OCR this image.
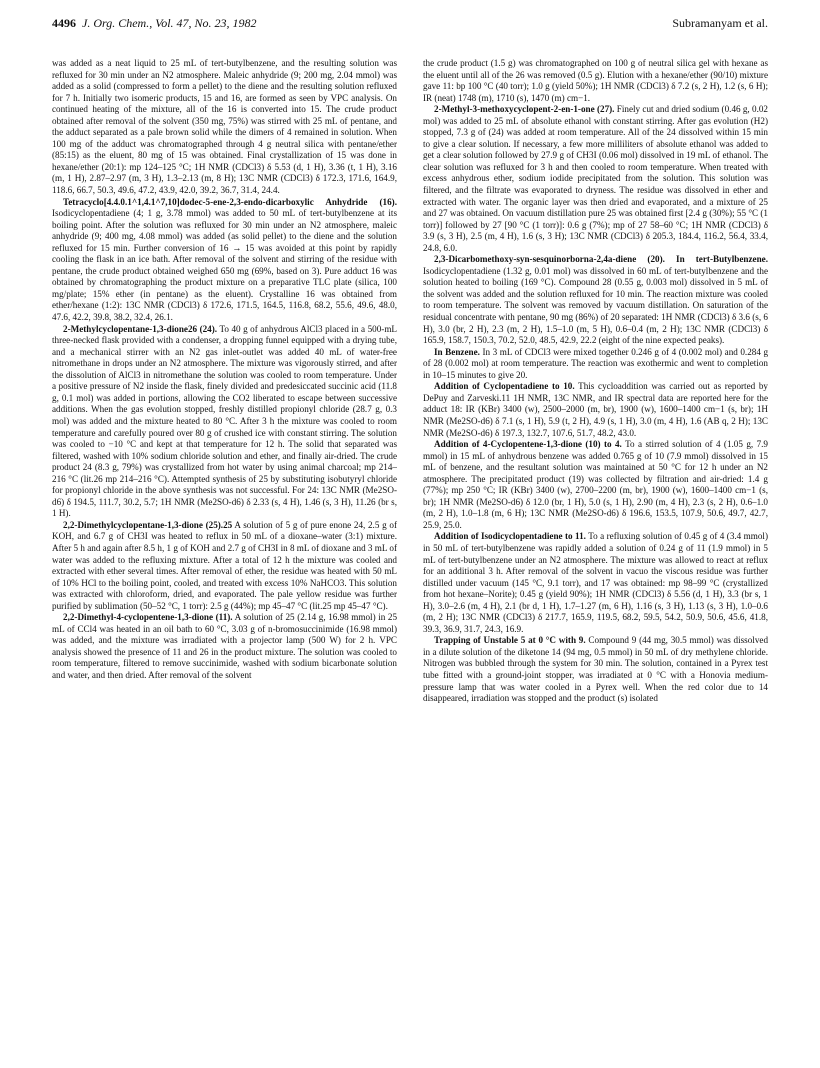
4496 J. Org. Chem., Vol. 47, No. 23, 1982	Subramanyam et al.

was added as a neat liquid to 25 mL of tert-butylbenzene, and the resulting solution was refluxed for 30 min under an N2 atmosphere. Maleic anhydride (9; 200 mg, 2.04 mmol) was added as a solid (compressed to form a pellet) to the diene and the resulting solution refluxed for 7 h. Initially two isomeric products, 15 and 16, are formed as seen by VPC analysis. On continued heating of the mixture, all of the 16 is converted into 15. The crude product obtained after removal of the solvent (350 mg, 75%) was stirred with 25 mL of pentane, and the adduct separated as a pale brown solid while the dimers of 4 remained in solution. When 100 mg of the adduct was chromatographed through 4 g neutral silica with pentane/ether (85:15) as the eluent, 80 mg of 15 was obtained. Final crystallization of 15 was done in hexane/ether (20:1): mp 124–125 °C; 1H NMR (CDCl3) δ 5.53 (d, 1 H), 3.36 (t, 1 H), 3.16 (m, 1 H), 2.87–2.97 (m, 3 H), 1.3–2.13 (m, 8 H); 13C NMR (CDCl3) δ 172.3, 171.6, 164.9, 118.6, 66.7, 50.3, 49.6, 47.2, 43.9, 42.0, 39.2, 36.7, 31.4, 24.4.

Tetracyclo[4.4.0.1^1,4.1^7,10]dodec-5-ene-2,3-endo-dicarboxylic Anhydride (16). Isodicyclopentadiene (4; 1 g, 3.78 mmol) was added to 50 mL of tert-butylbenzene at its boiling point. After the solution was refluxed for 30 min under an N2 atmosphere, maleic anhydride (9; 400 mg, 4.08 mmol) was added (as solid pellet) to the diene and the solution refluxed for 15 min. Further conversion of 16 → 15 was avoided at this point by rapidly cooling the flask in an ice bath. After removal of the solvent and stirring of the residue with pentane, the crude product obtained weighed 650 mg (69%, based on 3). Pure adduct 16 was obtained by chromatographing the product mixture on a preparative TLC plate (silica, 100 mg/plate; 15% ether (in pentane) as the eluent). Crystalline 16 was obtained from ether/hexane (1:2): 13C NMR (CDCl3) δ 172.6, 171.5, 164.5, 116.8, 68.2, 55.6, 49.6, 48.0, 47.6, 42.2, 39.8, 38.2, 32.4, 26.1.

2-Methylcyclopentane-1,3-dione26 (24). To 40 g of anhydrous AlCl3 placed in a 500-mL three-necked flask provided with a condenser, a dropping funnel equipped with a drying tube, and a mechanical stirrer with an N2 gas inlet-outlet was added 40 mL of water-free nitromethane in drops under an N2 atmosphere. The mixture was vigorously stirred, and after the dissolution of AlCl3 in nitromethane the solution was cooled to room temperature. Under a positive pressure of N2 inside the flask, finely divided and predesiccated succinic acid (11.8 g, 0.1 mol) was added in portions, allowing the CO2 liberated to escape between successive additions. When the gas evolution stopped, freshly distilled propionyl chloride (28.7 g, 0.3 mol) was added and the mixture heated to 80 °C. After 3 h the mixture was cooled to room temperature and carefully poured over 80 g of crushed ice with constant stirring. The solution was cooled to −10 °C and kept at that temperature for 12 h. The solid that separated was filtered, washed with 10% sodium chloride solution and ether, and finally air-dried. The crude product 24 (8.3 g, 79%) was crystallized from hot water by using animal charcoal; mp 214–216 °C (lit.26 mp 214–216 °C). Attempted synthesis of 25 by substituting isobutyryl chloride for propionyl chloride in the above synthesis was not successful. For 24: 13C NMR (Me2SO-d6) δ 194.5, 111.7, 30.2, 5.7; 1H NMR (Me2SO-d6) δ 2.33 (s, 4 H), 1.46 (s, 3 H), 11.26 (br s, 1 H).

2,2-Dimethylcyclopentane-1,3-dione (25).25 A solution of 5 g of pure enone 24, 2.5 g of KOH, and 6.7 g of CH3I was heated to reflux in 50 mL of a dioxane–water (3:1) mixture. After 5 h and again after 8.5 h, 1 g of KOH and 2.7 g of CH3I in 8 mL of dioxane and 3 mL of water was added to the refluxing mixture. After a total of 12 h the mixture was cooled and extracted with ether several times. After removal of ether, the residue was heated with 50 mL of 10% HCl to the boiling point, cooled, and treated with excess 10% NaHCO3. This solution was extracted with chloroform, dried, and evaporated. The pale yellow residue was further purified by sublimation (50–52 °C, 1 torr): 2.5 g (44%); mp 45–47 °C (lit.25 mp 45–47 °C).

2,2-Dimethyl-4-cyclopentene-1,3-dione (11). A solution of 25 (2.14 g, 16.98 mmol) in 25 mL of CCl4 was heated in an oil bath to 60 °C, 3.03 g of n-bromosuccinimide (16.98 mmol) was added, and the mixture was irradiated with a projector lamp (500 W) for 2 h. VPC analysis showed the presence of 11 and 26 in the product mixture. The solution was cooled to room temperature, filtered to remove succinimide, washed with sodium bicarbonate solution and water, and then dried. After removal of the solvent

the crude product (1.5 g) was chromatographed on 100 g of neutral silica gel with hexane as the eluent until all of the 26 was removed (0.5 g). Elution with a hexane/ether (90/10) mixture gave 11: bp 100 °C (40 torr); 1.0 g (yield 50%); 1H NMR (CDCl3) δ 7.2 (s, 2 H), 1.2 (s, 6 H); IR (neat) 1748 (m), 1710 (s), 1470 (m) cm−1.

2-Methyl-3-methoxycyclopent-2-en-1-one (27). Finely cut and dried sodium (0.46 g, 0.02 mol) was added to 25 mL of absolute ethanol with constant stirring. After gas evolution (H2) stopped, 7.3 g of (24) was added at room temperature. All of the 24 dissolved within 15 min to give a clear solution. If necessary, a few more milliliters of absolute ethanol was added to get a clear solution followed by 27.9 g of CH3I (0.06 mol) dissolved in 19 mL of ethanol. The clear solution was refluxed for 3 h and then cooled to room temperature. When treated with excess anhydrous ether, sodium iodide precipitated from the solution. This solution was filtered, and the filtrate was evaporated to dryness. The residue was dissolved in ether and extracted with water. The organic layer was then dried and evaporated, and a mixture of 25 and 27 was obtained. On vacuum distillation pure 25 was obtained first [2.4 g (30%); 55 °C (1 torr)] followed by 27 [90 °C (1 torr)]: 0.6 g (7%); mp of 27 58–60 °C; 1H NMR (CDCl3) δ 3.9 (s, 3 H), 2.5 (m, 4 H), 1.6 (s, 3 H); 13C NMR (CDCl3) δ 205.3, 184.4, 116.2, 56.4, 33.4, 24.8, 6.0.

2,3-Dicarbomethoxy-syn-sesquinorborna-2,4a-diene (20). In tert-Butylbenzene. Isodicyclopentadiene (1.32 g, 0.01 mol) was dissolved in 60 mL of tert-butylbenzene and the solution heated to boiling (169 °C). Compound 28 (0.55 g, 0.003 mol) dissolved in 5 mL of the solvent was added and the solution refluxed for 10 min. The reaction mixture was cooled to room temperature. The solvent was removed by vacuum distillation. On saturation of the residual concentrate with pentane, 90 mg (86%) of 20 separated: 1H NMR (CDCl3) δ 3.6 (s, 6 H), 3.0 (br, 2 H), 2.3 (m, 2 H), 1.5–1.0 (m, 5 H), 0.6–0.4 (m, 2 H); 13C NMR (CDCl3) δ 165.9, 158.7, 150.3, 70.2, 52.0, 48.5, 42.9, 22.2 (eight of the nine expected peaks).

In Benzene. In 3 mL of CDCl3 were mixed together 0.246 g of 4 (0.002 mol) and 0.284 g of 28 (0.002 mol) at room temperature. The reaction was exothermic and went to completion in 10–15 minutes to give 20.

Addition of Cyclopentadiene to 10. This cycloaddition was carried out as reported by DePuy and Zarveski.11 1H NMR, 13C NMR, and IR spectral data are reported here for the adduct 18: IR (KBr) 3400 (w), 2500–2000 (m, br), 1900 (w), 1600–1400 cm−1 (s, br); 1H NMR (Me2SO-d6) δ 7.1 (s, 1 H), 5.9 (t, 2 H), 4.9 (s, 1 H), 3.0 (m, 4 H), 1.6 (AB q, 2 H); 13C NMR (Me2SO-d6) δ 197.3, 132.7, 107.6, 51.7, 48.2, 43.0.

Addition of 4-Cyclopentene-1,3-dione (10) to 4. To a stirred solution of 4 (1.05 g, 7.9 mmol) in 15 mL of anhydrous benzene was added 0.765 g of 10 (7.9 mmol) dissolved in 15 mL of benzene, and the resultant solution was maintained at 50 °C for 12 h under an N2 atmosphere. The precipitated product (19) was collected by filtration and air-dried: 1.4 g (77%); mp 250 °C; IR (KBr) 3400 (w), 2700–2200 (m, br), 1900 (w), 1600–1400 cm−1 (s, br); 1H NMR (Me2SO-d6) δ 12.0 (br, 1 H), 5.0 (s, 1 H), 2.90 (m, 4 H), 2.3 (s, 2 H), 0.6–1.0 (m, 2 H), 1.0–1.8 (m, 6 H); 13C NMR (Me2SO-d6) δ 196.6, 153.5, 107.9, 50.6, 49.7, 42.7, 25.9, 25.0.

Addition of Isodicyclopentadiene to 11. To a refluxing solution of 0.45 g of 4 (3.4 mmol) in 50 mL of tert-butylbenzene was rapidly added a solution of 0.24 g of 11 (1.9 mmol) in 5 mL of tert-butylbenzene under an N2 atmosphere. The mixture was allowed to react at reflux for an additional 3 h. After removal of the solvent in vacuo the viscous residue was further distilled under vacuum (145 °C, 9.1 torr), and 17 was obtained: mp 98–99 °C (crystallized from hot hexane–Norite); 0.45 g (yield 90%); 1H NMR (CDCl3) δ 5.56 (d, 1 H), 3.3 (br s, 1 H), 3.0–2.6 (m, 4 H), 2.1 (br d, 1 H), 1.7–1.27 (m, 6 H), 1.16 (s, 3 H), 1.13 (s, 3 H), 1.0–0.6 (m, 2 H); 13C NMR (CDCl3) δ 217.7, 165.9, 119.5, 68.2, 59.5, 54.2, 50.9, 50.6, 45.6, 41.8, 39.3, 36.9, 31.7, 24.3, 16.9.

Trapping of Unstable 5 at 0 °C with 9. Compound 9 (44 mg, 30.5 mmol) was dissolved in a dilute solution of the diketone 14 (94 mg, 0.5 mmol) in 50 mL of dry methylene chloride. Nitrogen was bubbled through the system for 30 min. The solution, contained in a Pyrex test tube fitted with a ground-joint stopper, was irradiated at 0 °C with a Honovia medium-pressure lamp that was water cooled in a Pyrex well. When the red color due to 14 disappeared, irradiation was stopped and the product (s) isolated
